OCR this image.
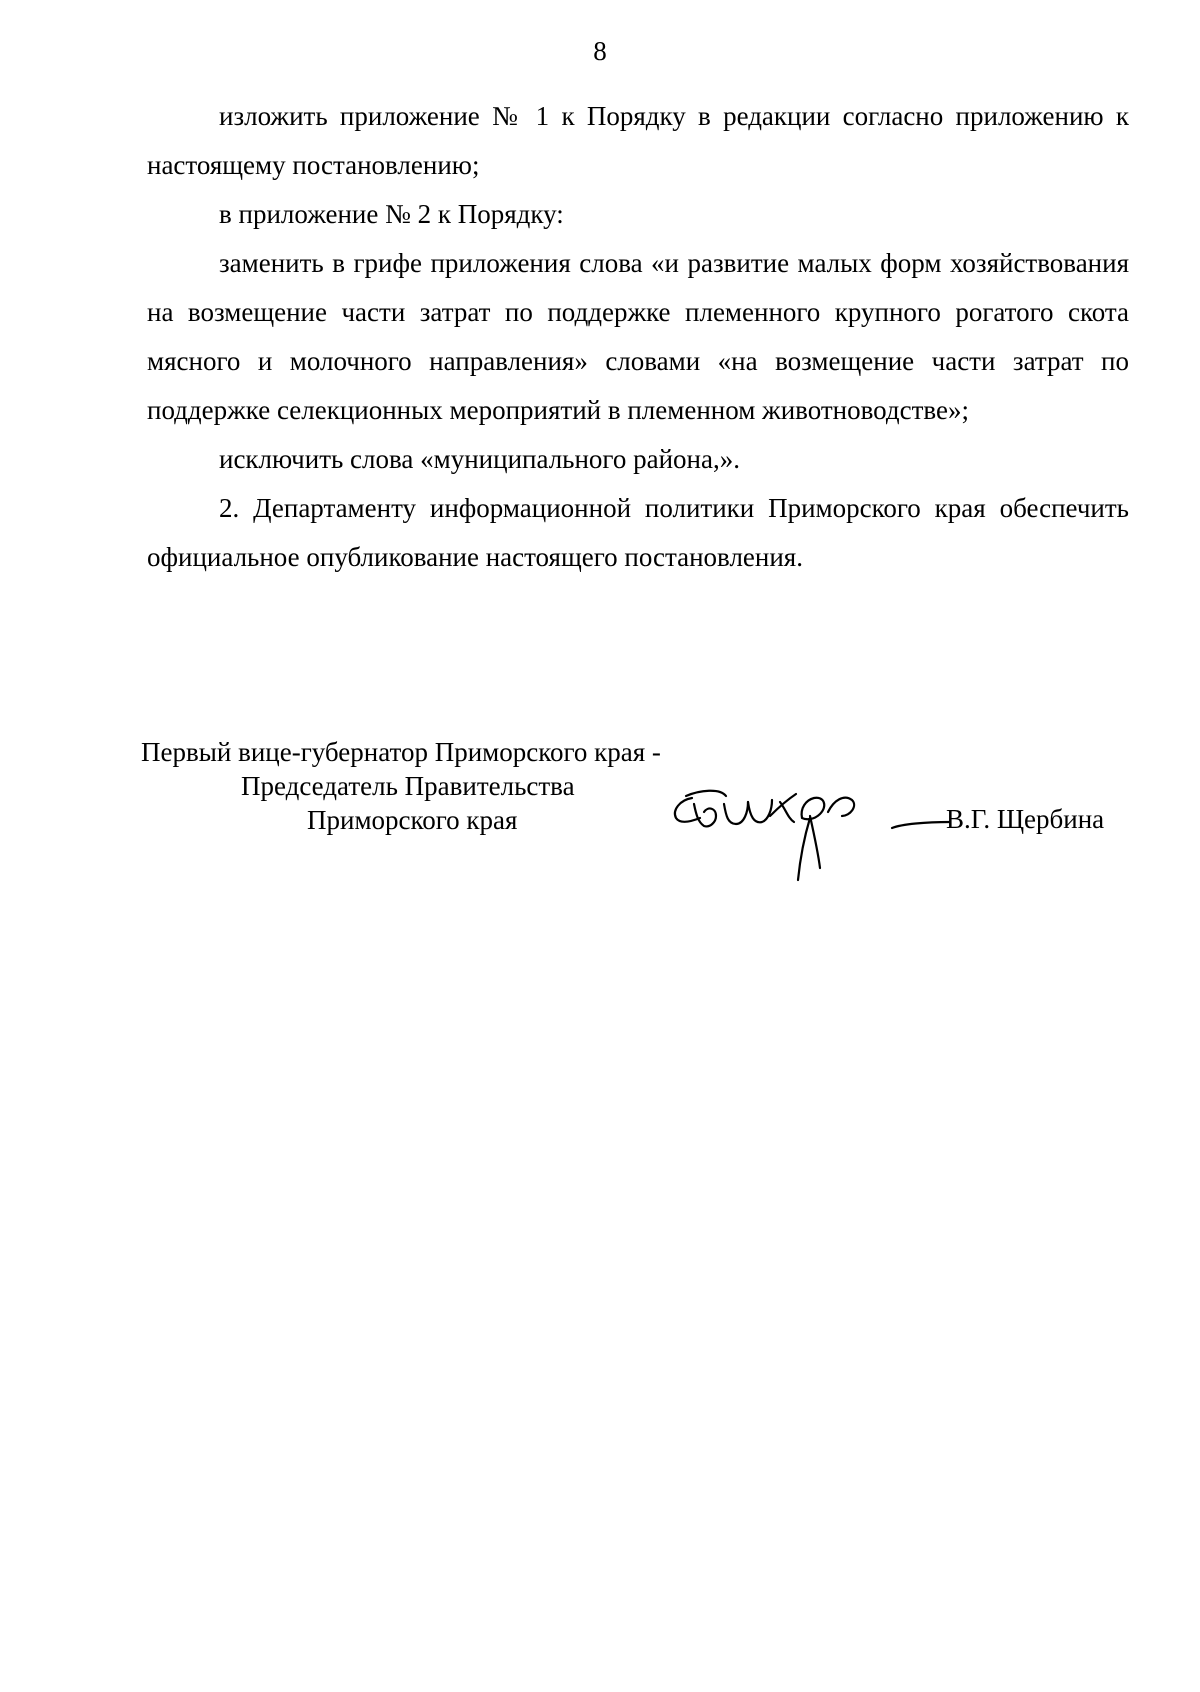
8

изложить приложение № 1 к Порядку в редакции согласно приложению к настоящему постановлению;

в приложение № 2 к Порядку:

заменить в грифе приложения слова «и развитие малых форм хозяйствования на возмещение части затрат по поддержке племенного крупного рогатого скота мясного и молочного направления» словами «на возмещение части затрат по поддержке селекционных мероприятий в племенном животноводстве»;

исключить слова «муниципального района,».

2. Департаменту информационной политики Приморского края обеспечить официальное опубликование настоящего постановления.

Первый вице-губернатор Приморского края -
Председатель Правительства
Приморского края	В.Г. Щербина
